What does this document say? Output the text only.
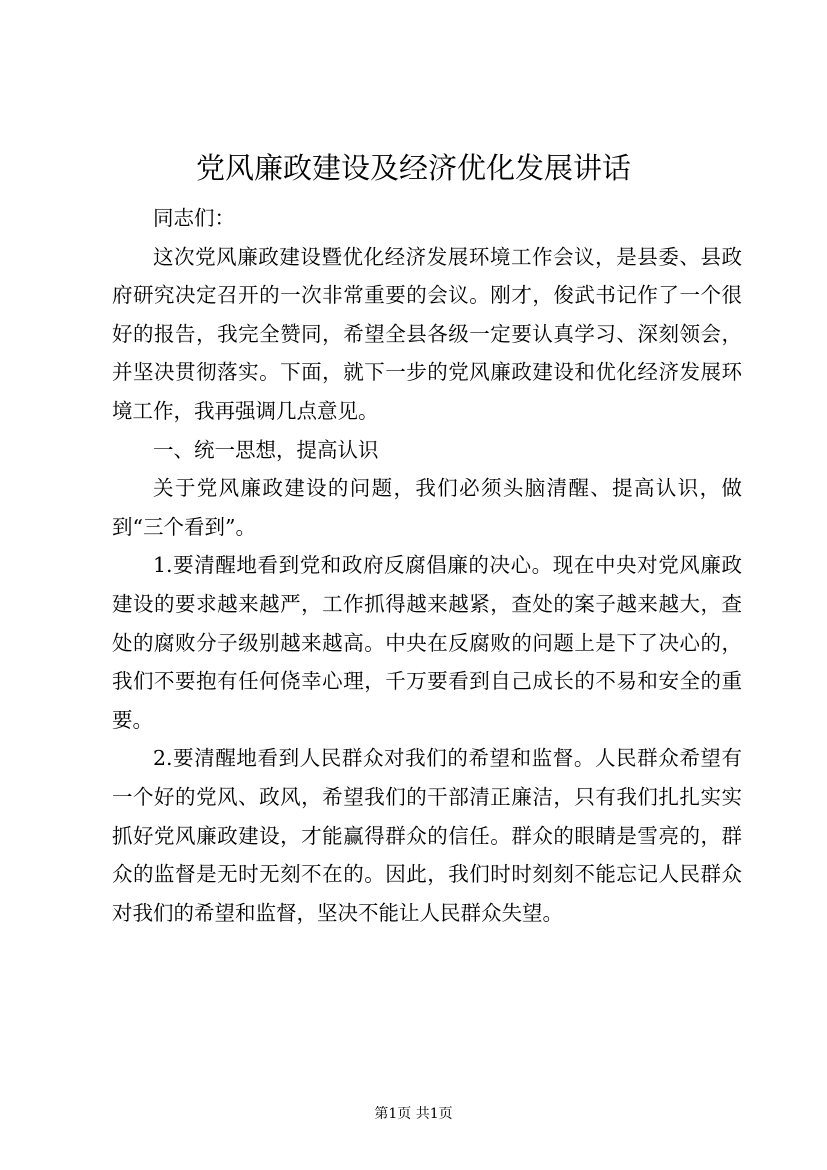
党风廉政建设及经济优化发展讲话

同志们：

这次党风廉政建设暨优化经济发展环境工作会议，是县委、县政府研究决定召开的一次非常重要的会议。刚才，俊武书记作了一个很好的报告，我完全赞同，希望全县各级一定要认真学习、深刻领会，并坚决贯彻落实。下面，就下一步的党风廉政建设和优化经济发展环境工作，我再强调几点意见。

一、统一思想，提高认识

关于党风廉政建设的问题，我们必须头脑清醒、提高认识，做到“三个看到”。

1.要清醒地看到党和政府反腐倡廉的决心。现在中央对党风廉政建设的要求越来越严，工作抓得越来越紧，查处的案子越来越大，查处的腐败分子级别越来越高。中央在反腐败的问题上是下了决心的，我们不要抱有任何侥幸心理，千万要看到自己成长的不易和安全的重要。

2.要清醒地看到人民群众对我们的希望和监督。人民群众希望有一个好的党风、政风，希望我们的干部清正廉洁，只有我们扎扎实实抓好党风廉政建设，才能赢得群众的信任。群众的眼睛是雪亮的，群众的监督是无时无刻不在的。因此，我们时时刻刻不能忘记人民群众对我们的希望和监督，坚决不能让人民群众失望。

第1页 共1页
